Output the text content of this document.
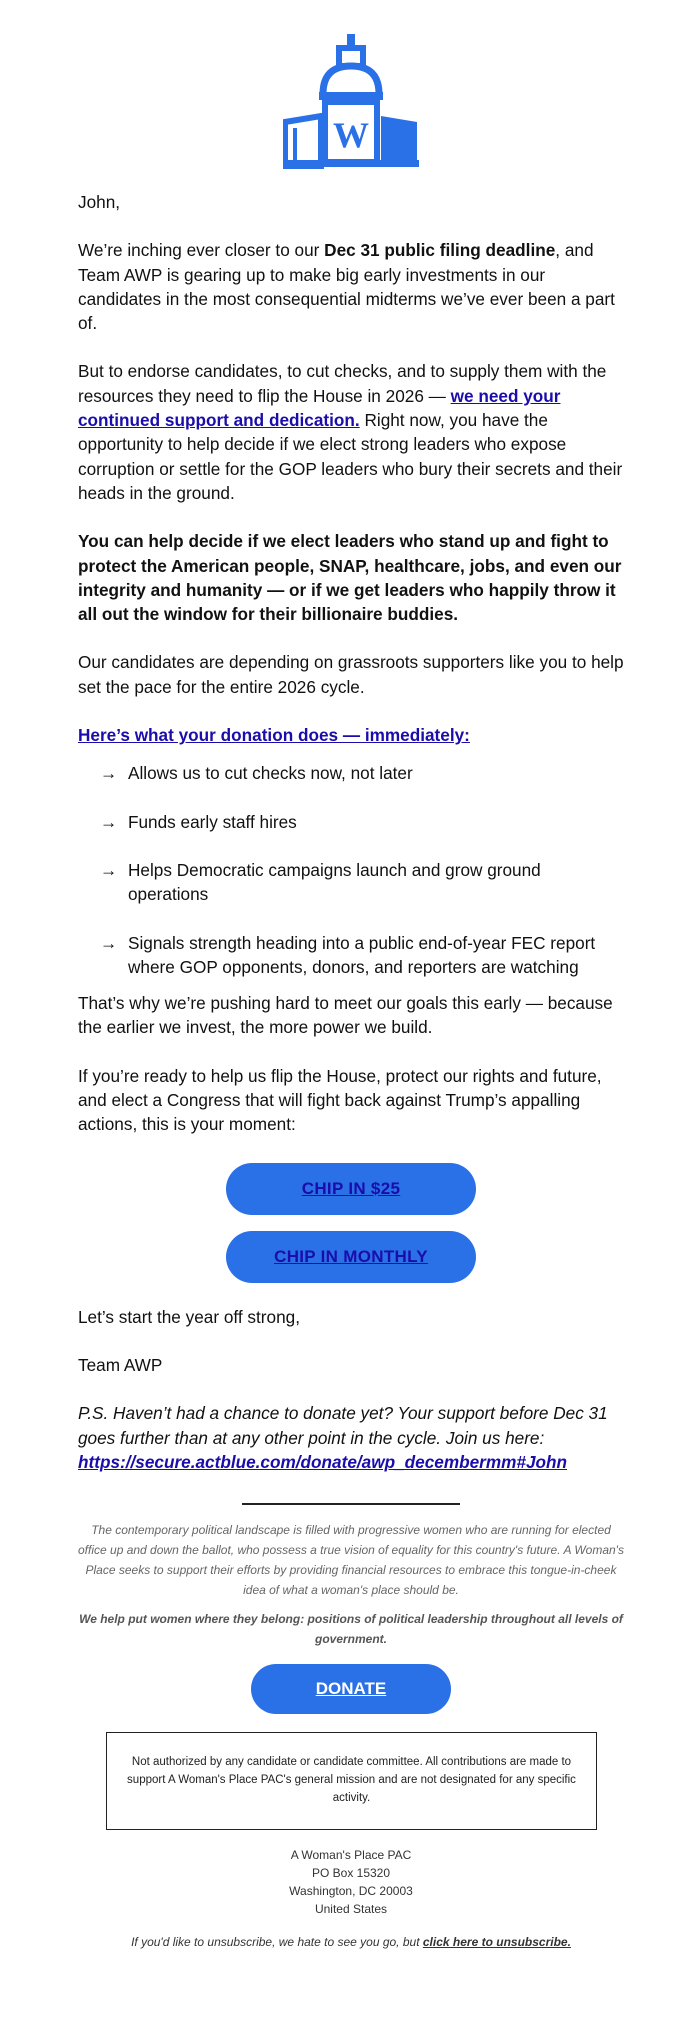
W

John,

We’re inching ever closer to our Dec 31 public filing deadline, and Team AWP is gearing up to make big early investments in our candidates in the most consequential midterms we’ve ever been a part of.

But to endorse candidates, to cut checks, and to supply them with the resources they need to flip the House in 2026 — we need your continued support and dedication. Right now, you have the opportunity to help decide if we elect strong leaders who expose corruption or settle for the GOP leaders who bury their secrets and their heads in the ground.

You can help decide if we elect leaders who stand up and fight to protect the American people, SNAP, healthcare, jobs, and even our integrity and humanity — or if we get leaders who happily throw it all out the window for their billionaire buddies.

Our candidates are depending on grassroots supporters like you to help set the pace for the entire 2026 cycle.

Here’s what your donation does — immediately:

→ Allows us to cut checks now, not later
→ Funds early staff hires
→ Helps Democratic campaigns launch and grow ground operations
→ Signals strength heading into a public end-of-year FEC report where GOP opponents, donors, and reporters are watching

That’s why we’re pushing hard to meet our goals this early — because the earlier we invest, the more power we build.

If you’re ready to help us flip the House, protect our rights and future, and elect a Congress that will fight back against Trump’s appalling actions, this is your moment:

CHIP IN $25
CHIP IN MONTHLY

Let’s start the year off strong,

Team AWP

P.S. Haven’t had a chance to donate yet? Your support before Dec 31 goes further than at any other point in the cycle. Join us here: https://secure.actblue.com/donate/awp_decembermm#John

The contemporary political landscape is filled with progressive women who are running for elected office up and down the ballot, who possess a true vision of equality for this country's future. A Woman's Place seeks to support their efforts by providing financial resources to embrace this tongue-in-cheek idea of what a woman's place should be.

We help put women where they belong: positions of political leadership throughout all levels of government.

DONATE
Not authorized by any candidate or candidate committee. All contributions are made to support A Woman's Place PAC's general mission and are not designated for any specific activity.
A Woman's Place PAC
PO Box 15320
Washington, DC 20003
United States

If you'd like to unsubscribe, we hate to see you go, but click here to unsubscribe.
